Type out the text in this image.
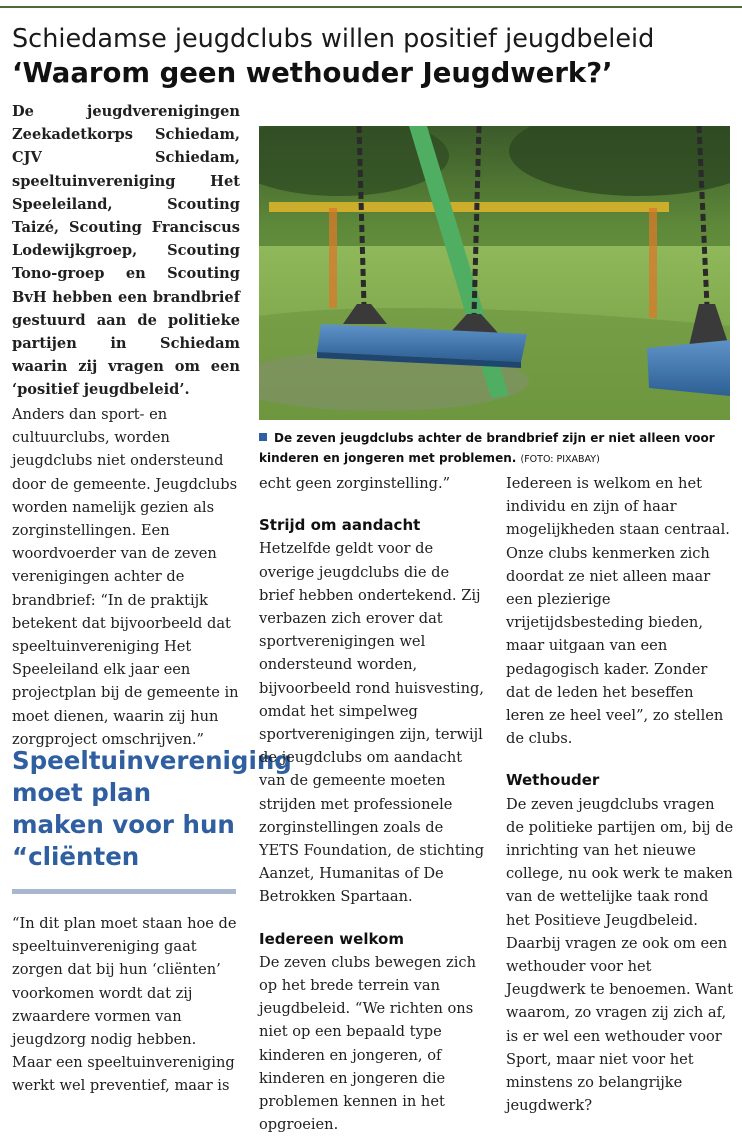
Schiedamse jeugdclubs willen positief jeugdbeleid
‘Waarom geen wethouder Jeugdwerk?’

De jeugdverenigingen Zeekadetkorps Schiedam, CJV Schiedam, speeltuinvereniging Het Speeleiland, Scouting Taizé, Scouting Franciscus Lodewijkgroep, Scouting Tono-groep en Scouting BvH hebben een brandbrief gestuurd aan de politieke partijen in Schiedam waarin zij vragen om een ‘positief jeugdbeleid’.

Anders dan sport- en cultuurclubs, worden jeugdclubs niet ondersteund door de gemeente. Jeugdclubs worden namelijk gezien als zorginstellingen. Een woordvoerder van de zeven verenigingen achter de brandbrief: “In de praktijk betekent dat bijvoorbeeld dat speeltuinvereniging Het Speeleiland elk jaar een projectplan bij de gemeente in moet dienen, waarin zij hun zorgproject omschrijven.”

Speeltuinvereniging moet plan maken voor hun “cliënten

“In dit plan moet staan hoe de speeltuinvereniging gaat zorgen dat bij hun ‘cliënten’ voorkomen wordt dat zij zwaardere vormen van jeugdzorg nodig hebben.

Maar een speeltuinvereniging werkt wel preventief, maar is

De zeven jeugdclubs achter de brandbrief zijn er niet alleen voor kinderen en jongeren met problemen. (FOTO: PIXABAY)

echt geen zorginstelling.”

Strijd om aandacht

Hetzelfde geldt voor de overige jeugdclubs die de brief hebben ondertekend. Zij verbazen zich erover dat sportverenigingen wel ondersteund worden, bijvoorbeeld rond huisvesting, omdat het simpelweg sportverenigingen zijn, terwijl de jeugdclubs om aandacht van de gemeente moeten strijden met professionele zorginstellingen zoals de YETS Foundation, de stichting Aanzet, Humanitas of De Betrokken Spartaan.

Iedereen welkom

De zeven clubs bewegen zich op het brede terrein van jeugdbeleid. “We richten ons niet op een bepaald type kinderen en jongeren, of kinderen en jongeren die problemen kennen in het opgroeien.

Iedereen is welkom en het individu en zijn of haar mogelijkheden staan centraal.

Onze clubs kenmerken zich doordat ze niet alleen maar een plezierige vrijetijdsbesteding bieden, maar uitgaan van een pedagogisch kader. Zonder dat de leden het beseffen leren ze heel veel”, zo stellen de clubs.

Wethouder

De zeven jeugdclubs vragen de politieke partijen om, bij de inrichting van het nieuwe college, nu ook werk te maken van de wettelijke taak rond het Positieve Jeugdbeleid. Daarbij vragen ze ook om een wethouder voor het Jeugdwerk te benoemen. Want waarom, zo vragen zij zich af, is er wel een wethouder voor Sport, maar niet voor het minstens zo belangrijke jeugdwerk?
